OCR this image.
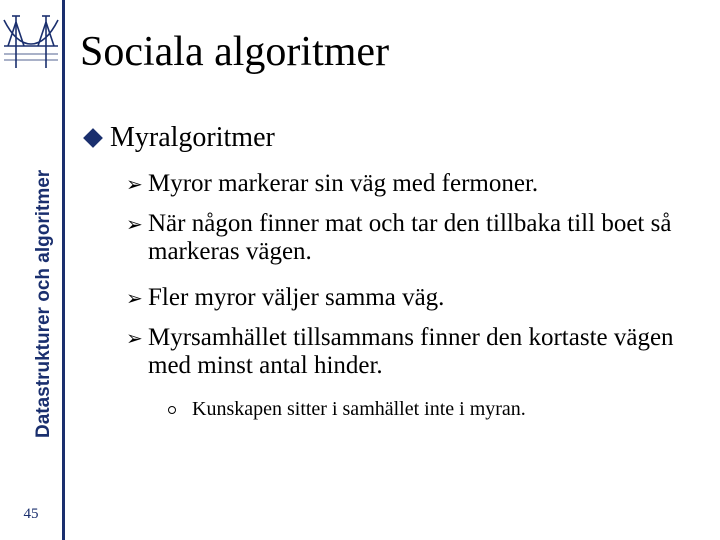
Datastrukturer och algoritmer
45
Sociala algoritmer
Myralgoritmer
➢ Myror markerar sin väg med fermoner.
➢ När någon finner mat och tar den tillbaka till boet så markeras vägen.
➢ Fler myror väljer samma väg.
➢ Myrsamhället tillsammans finner den kortaste vägen med minst antal hinder.
Kunskapen sitter i samhället inte i myran.
